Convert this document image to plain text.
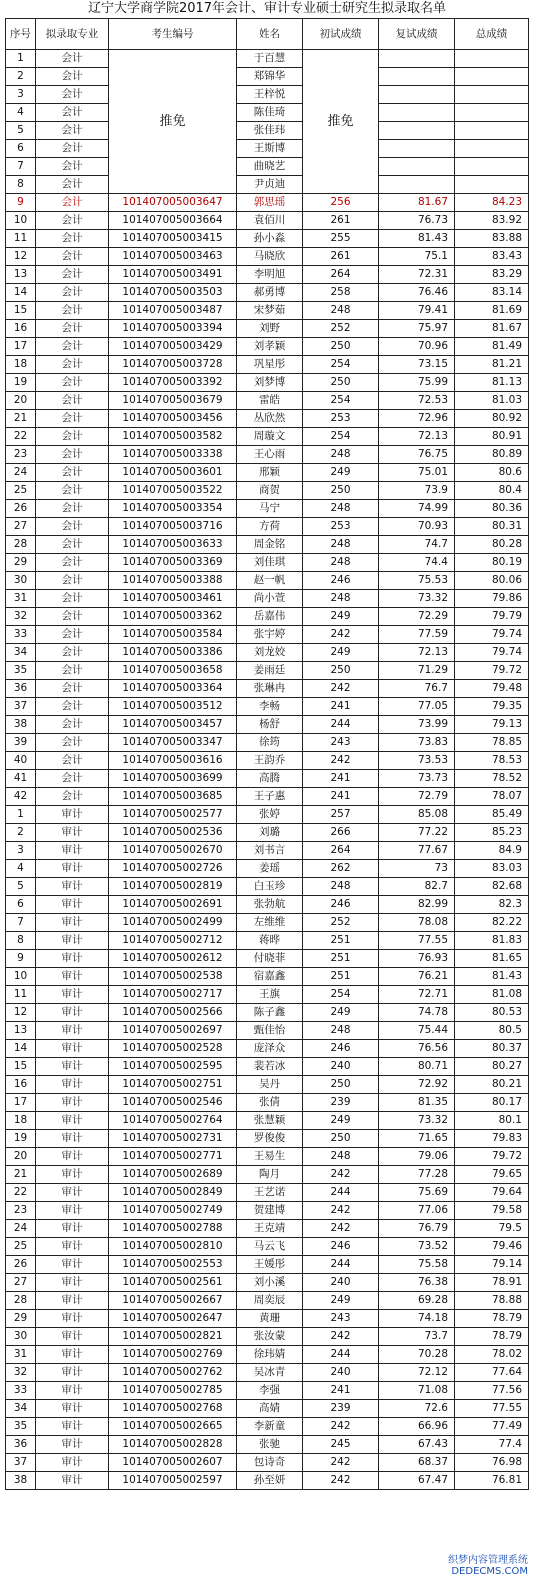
辽宁大学商学院2017年会计、审计专业硕士研究生拟录取名单
序号	拟录取专业	考生编号	姓名	初试成绩	复试成绩	总成绩
1	会计	推免	于百慧	推免		
2	会计		郑锦华			
3	会计		王梓悦			
4	会计		陈佳琦			
5	会计		张佳玮			
6	会计		王斯博			
7	会计		曲晓艺			
8	会计		尹贞迪			
9	会计	101407005003647	郭思瑶	256	81.67	84.23
10	会计	101407005003664	袁佰川	261	76.73	83.92
11	会计	101407005003415	孙小淼	255	81.43	83.88
12	会计	101407005003463	马晓欣	261	75.1	83.43
13	会计	101407005003491	李明旭	264	72.31	83.29
14	会计	101407005003503	郝勇博	258	76.46	83.14
15	会计	101407005003487	宋梦茹	248	79.41	81.69
16	会计	101407005003394	刘野	252	75.97	81.67
17	会计	101407005003429	刘孝颖	250	70.96	81.49
18	会计	101407005003728	巩星彤	254	73.15	81.21
19	会计	101407005003392	刘梦博	250	75.99	81.13
20	会计	101407005003679	雷皓	254	72.53	81.03
21	会计	101407005003456	丛欣然	253	72.96	80.92
22	会计	101407005003582	周璇文	254	72.13	80.91
23	会计	101407005003338	王心雨	248	76.75	80.89
24	会计	101407005003601	邢颖	249	75.01	80.6
25	会计	101407005003522	商贺	250	73.9	80.4
26	会计	101407005003354	马宁	248	74.99	80.36
27	会计	101407005003716	方荷	253	70.93	80.31
28	会计	101407005003633	周金铭	248	74.7	80.28
29	会计	101407005003369	刘佳琪	248	74.4	80.19
30	会计	101407005003388	赵一帆	246	75.53	80.06
31	会计	101407005003461	尚小萱	248	73.32	79.86
32	会计	101407005003362	岳嘉伟	249	72.29	79.79
33	会计	101407005003584	张宇婷	242	77.59	79.74
34	会计	101407005003386	刘龙姣	249	72.13	79.74
35	会计	101407005003658	姜雨廷	250	71.29	79.72
36	会计	101407005003364	张琳冉	242	76.7	79.48
37	会计	101407005003512	李畅	241	77.05	79.35
38	会计	101407005003457	杨舒	244	73.99	79.13
39	会计	101407005003347	徐筠	243	73.83	78.85
40	会计	101407005003616	王韵乔	242	73.53	78.53
41	会计	101407005003699	高腾	241	73.73	78.52
42	会计	101407005003685	王子惠	241	72.79	78.07
1	审计	101407005002577	张婷	257	85.08	85.49
2	审计	101407005002536	刘璐	266	77.22	85.23
3	审计	101407005002670	刘书言	264	77.67	84.9
4	审计	101407005002726	姜瑶	262	73	83.03
5	审计	101407005002819	白玉珍	248	82.7	82.68
6	审计	101407005002691	张勃航	246	82.99	82.3
7	审计	101407005002499	左维维	252	78.08	82.22
8	审计	101407005002712	蒋晔	251	77.55	81.83
9	审计	101407005002612	付晓菲	251	76.93	81.65
10	审计	101407005002538	宿嘉鑫	251	76.21	81.43
11	审计	101407005002717	王旗	254	72.71	81.08
12	审计	101407005002566	陈子鑫	249	74.78	80.53
13	审计	101407005002697	甄佳怡	248	75.44	80.5
14	审计	101407005002528	庞泽众	246	76.56	80.37
15	审计	101407005002595	裴若冰	240	80.71	80.27
16	审计	101407005002751	吴丹	250	72.92	80.21
17	审计	101407005002546	张倩	239	81.35	80.17
18	审计	101407005002764	张慧颖	249	73.32	80.1
19	审计	101407005002731	罗俊俊	250	71.65	79.83
20	审计	101407005002771	王易生	248	79.06	79.72
21	审计	101407005002689	陶月	242	77.28	79.65
22	审计	101407005002849	王艺诺	244	75.69	79.64
23	审计	101407005002749	贺建博	242	77.06	79.58
24	审计	101407005002788	王克靖	242	76.79	79.5
25	审计	101407005002810	马云飞	246	73.52	79.46
26	审计	101407005002553	王媛彤	244	75.58	79.14
27	审计	101407005002561	刘小溪	240	76.38	78.91
28	审计	101407005002667	周奕辰	249	69.28	78.88
29	审计	101407005002647	黄珊	243	74.18	78.79
30	审计	101407005002821	张汝蒙	242	73.7	78.79
31	审计	101407005002769	徐玮婧	244	70.28	78.02
32	审计	101407005002762	吴冰青	240	72.12	77.64
33	审计	101407005002785	李强	241	71.08	77.56
34	审计	101407005002768	高婧	239	72.6	77.55
35	审计	101407005002665	李新童	242	66.96	77.49
36	审计	101407005002828	张驰	245	67.43	77.4
37	审计	101407005002607	包诗奇	242	68.37	76.98
38	审计	101407005002597	孙至妍	242	67.47	76.81
织梦内容管理系统
DEDECMS.COM
